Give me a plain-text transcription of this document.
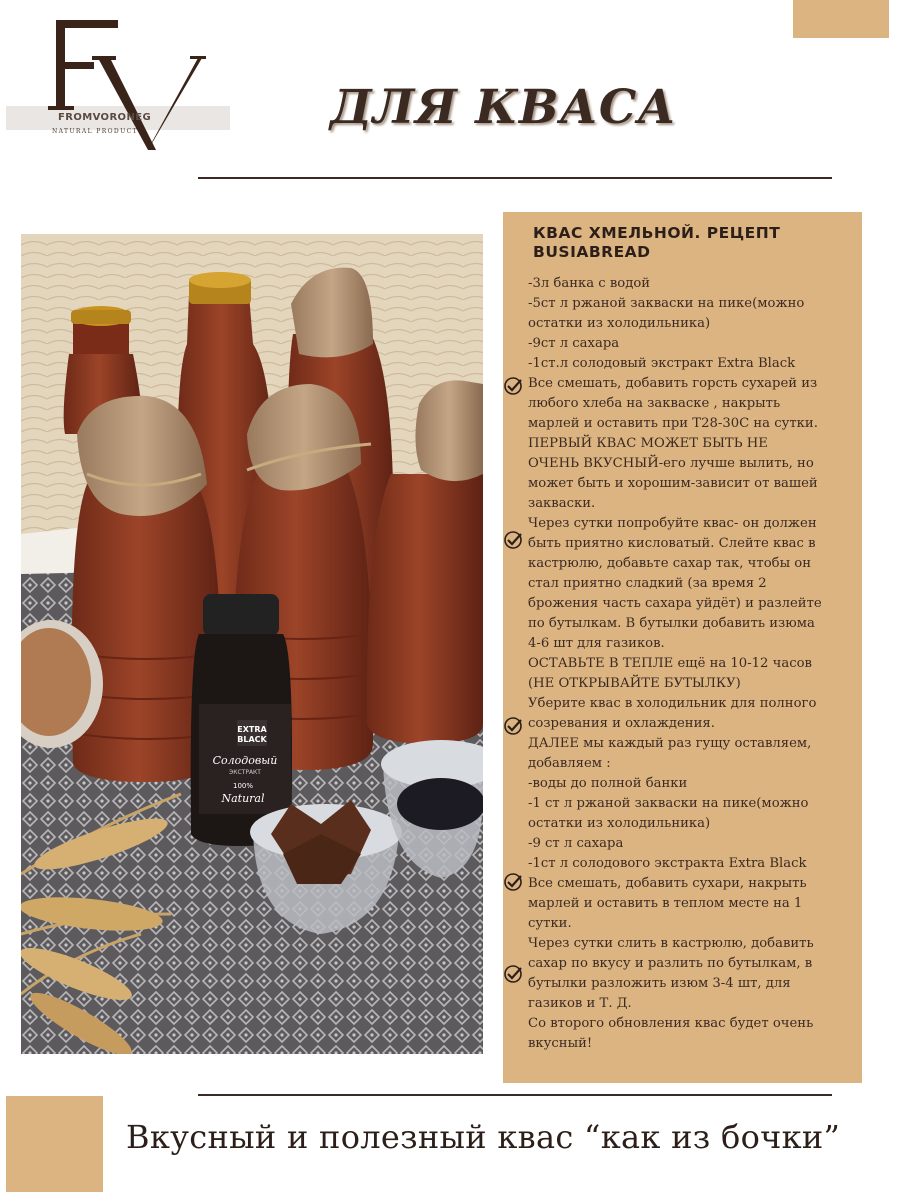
FROMVORONEG
NATURAL PRODUCT	ДЛЯ КВАСА
EXTRA
BLACK
Солодовый
ЭКСТРАКТ
100%
Natural
КВАС ХМЕЛЬНОЙ. РЕЦЕПТ BUSIABREAD

-3л банка с водой

-5ст л ржаной закваски на пике(можно

остатки из холодильника)

-9ст л сахара

-1ст.л солодовый экстракт Extra Black

Все смешать, добавить горсть сухарей из

любого хлеба на закваске , накрыть

марлей и оставить при Т28-30С на сутки.

ПЕРВЫЙ КВАС МОЖЕТ БЫТЬ НЕ

ОЧЕНЬ ВКУСНЫЙ-его лучше вылить, но

может быть и хорошим-зависит от вашей

закваски.

Через сутки попробуйте квас- он должен

быть приятно кисловатый. Слейте квас в

кастрюлю, добавьте сахар так, чтобы он

стал приятно сладкий (за время 2

брожения часть сахара уйдёт) и разлейте

по бутылкам. В бутылки добавить изюма

4-6 шт для газиков.

ОСТАВЬТЕ В ТЕПЛЕ ещё на 10-12 часов

(НЕ ОТКРЫВАЙТЕ БУТЫЛКУ)

Уберите квас в холодильник для полного

созревания и охлаждения.

ДАЛЕЕ мы каждый раз гущу оставляем,

добавляем :

-воды до полной банки

-1 ст л ржаной закваски на пике(можно

остатки из холодильника)

-9 ст л сахара

-1ст л солодового экстракта Extra Black

Все смешать, добавить сухари, накрыть

марлей и оставить в теплом месте на 1

сутки.

Через сутки слить в кастрюлю, добавить

сахар по вкусу и разлить по бутылкам, в

бутылки разложить изюм 3-4 шт, для

газиков и Т. Д.

Со второго обновления квас будет очень

вкусный!

Вкусный и полезный квас “как из бочки”
